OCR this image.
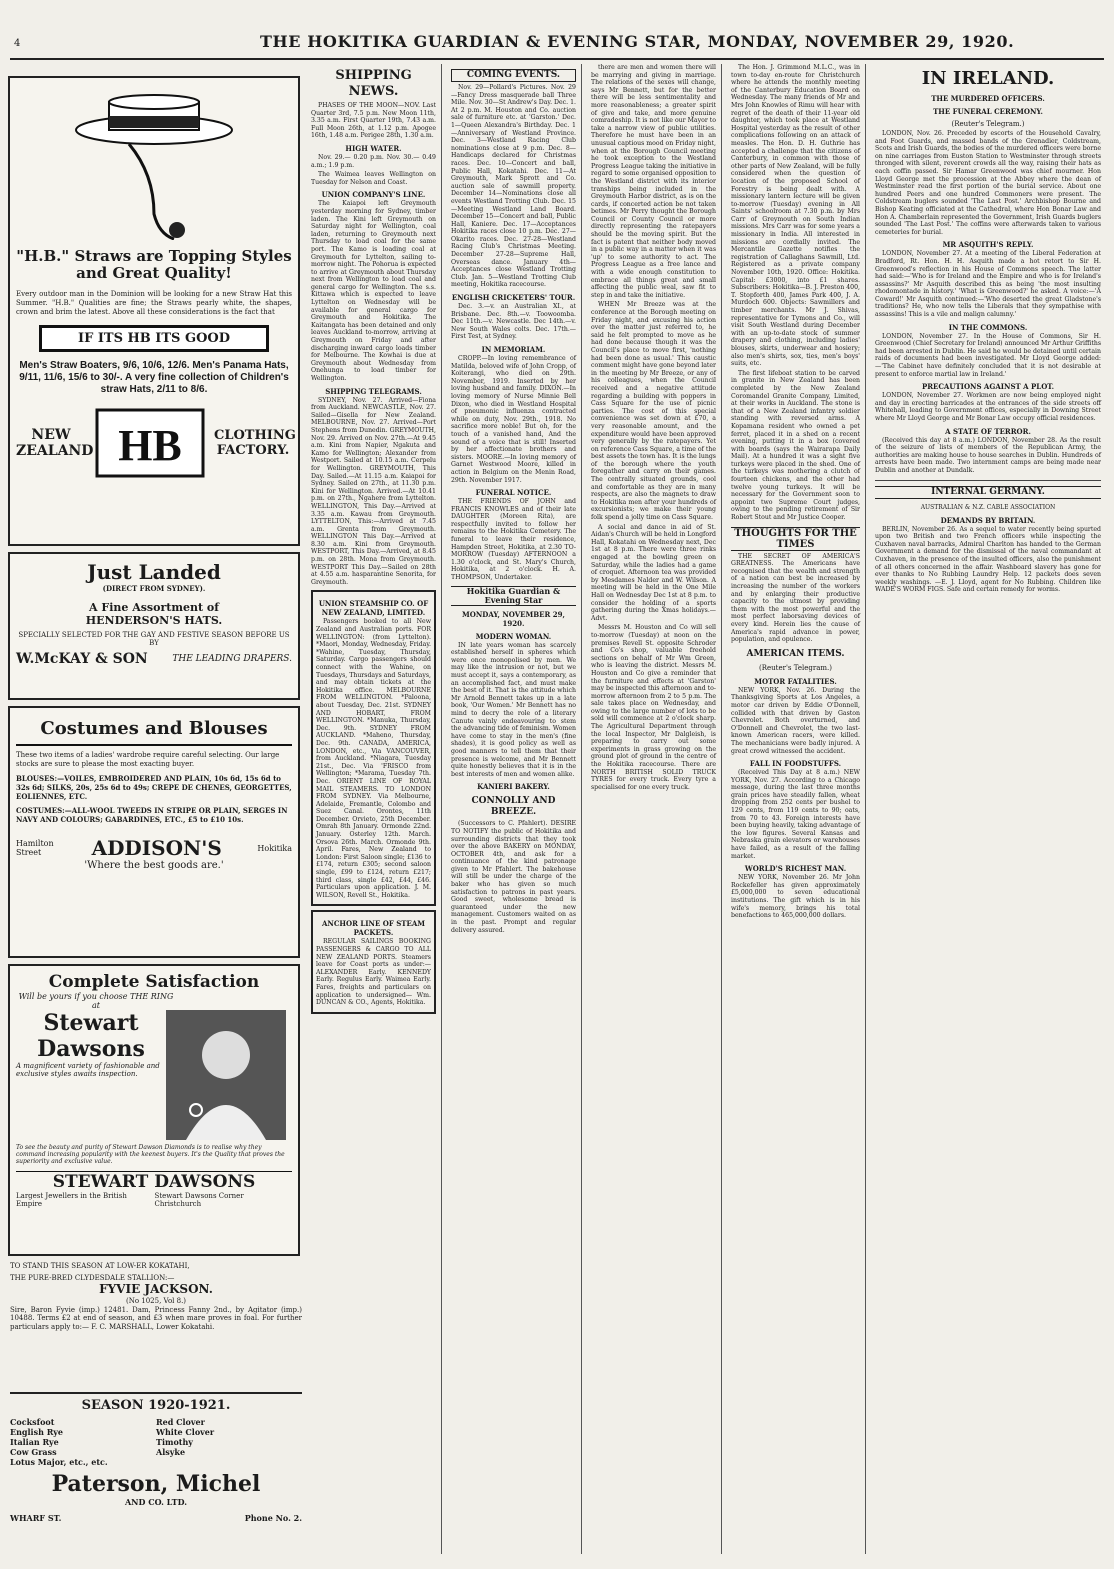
4	THE HOKITIKA GUARDIAN & EVENING STAR, MONDAY, NOVEMBER 29, 1920.
"H.B." Straws are Topping Styles and Great Quality!
Every outdoor man in the Dominion will be looking for a new Straw Hat this Summer. "H.B." Qualities are fine; the Straws pearly white, the shapes, crown and brim the latest. Above all these considerations is the fact that
IF ITS HB ITS GOOD
Men's Straw Boaters, 9/6, 10/6, 12/6. Men's Panama Hats, 9/11, 11/6, 15/6 to 30/-. A very fine collection of Children's straw Hats, 2/11 to 8/6.
NEW ZEALAND HB CLOTHING FACTORY.
Just Landed
(DIRECT FROM SYDNEY).
A Fine Assortment of
HENDERSON'S HATS.
SPECIALLY SELECTED FOR THE GAY AND FESTIVE SEASON BEFORE US BY
W.McKAY & SON	THE LEADING DRAPERS.
Costumes and Blouses
These two items of a ladies' wardrobe require careful selecting. Our large stocks are sure to please the most exacting buyer.
BLOUSES:—VOILES, EMBROIDERED AND PLAIN, 10s 6d, 15s 6d to 32s 6d; SILKS, 20s, 25s 6d to 49s; CREPE DE CHENES, GEORGETTES, EOLIENNES, ETC.
COSTUMES:—ALL-WOOL TWEEDS IN STRIPE OR PLAIN, SERGES IN NAVY AND COLOURS; GABARDINES, ETC., £5 to £10 10s.
Hamilton Street	ADDISON'S	Hokitika
'Where the best goods are.'
Complete Satisfaction
Will be yours if you choose THE RING at
Stewart
Dawsons
A magnificent variety of fashionable and exclusive styles awaits inspection.
To see the beauty and purity of Stewart Dawson Diamonds is to realise why they command increasing popularity with the keenest buyers. It's the Quality that proves the superiority and exclusive value.
STEWART DAWSONS
Largest Jewellers in the British Empire
Stewart Dawsons Corner Christchurch
TO STAND THIS SEASON AT LOW-ER KOKATAHI,
THE PURE-BRED CLYDESDALE STALLION:—
FYVIE JACKSON.
(No 1025, Vol 8.)
Sire, Baron Fyvie (imp.) 12481. Dam, Princess Fanny 2nd., by Agitator (imp.) 10488. Terms £2 at end of season, and £3 when mare proves in foal. For further particulars apply to:— F. C. MARSHALL, Lower Kokatahi.
SEASON 1920-1921.
Cocksfoot	Red Clover
English Rye	White Clover
Italian Rye	Timothy
Cow Grass	Alsyke
Lotus Major, etc., etc.
Paterson, Michel
AND CO. LTD.
WHARF ST.	Phone No. 2.
SHIPPING NEWS.

PHASES OF THE MOON—NOV. Last Quarter 3rd, 7.5 p.m. New Moon 11th, 3.35 a.m. First Quarter 19th, 7.43 a.m. Full Moon 26th, at 1.12 p.m. Apogee 16th, 1.48 a.m. Perigee 28th, 1.30 a.m.

HIGH WATER.

Nov. 29.— 0.20 p.m. Nov. 30.— 0.49 a.m.; 1.9 p.m.

The Waimea leaves Wellington on Tuesday for Nelson and Coast.

UNION COMPANY'S LINE.

The Kaiapoi left Greymouth yesterday morning for Sydney, timber laden. The Kini left Greymouth on Saturday night for Wellington, coal laden, returning to Greymouth next Thursday to load coal for the same port. The Kamo is loading coal at Greymouth for Lyttelton, sailing to-morrow night. The Pohorua is expected to arrive at Greymouth about Thursday next from Wellington to load coal and general cargo for Wellington. The s.s. Kittawa which is expected to leave Lyttelton on Wednesday will be available for general cargo for Greymouth and Hokitika. The Kaitangata has been detained and only leaves Auckland to-morrow, arriving at Greymouth on Friday and after discharging inward cargo loads timber for Melbourne. The Kowhai is due at Greymouth about Wednesday from Onehunga to load timber for Wellington.

SHIPPING TELEGRAMS.

SYDNEY, Nov. 27. Arrived—Fiona from Auckland. NEWCASTLE, Nov. 27. Sailed—Gisella for New Zealand. MELBOURNE, Nov. 27. Arrived—Port Stephens from Dunedin. GREYMOUTH, Nov. 29. Arrived on Nov. 27th.—At 9.45 a.m. Kini from Napier, Ngakuta and Kamo for Wellington; Alexander from Westport. Sailed at 10.15 a.m. Cerpelu for Wellington. GREYMOUTH, This Day. Sailed.—At 11.15 a.m. Kaiapoi for Sydney. Sailed on 27th., at 11.30 p.m. Kini for Wellington. Arrived.—At 10.41 p.m. on 27th., Ngahere from Lyttelton. WELLINGTON, This Day.—Arrived at 3.35 a.m. Kawau from Greymouth. LYTTELTON, This:—Arrived at 7.45 a.m. Grenta from Greymouth. WELLINGTON This Day.—Arrived at 8.30 a.m. Kini from Greymouth. WESTPORT, This Day.—Arrived, at 8.45 p.m. on 28th. Mona from Greymouth. WESTPORT This Day.—Sailed on 28th at 4.55 a.m. hasparantine Senorita, for Greymouth.

UNION STEAMSHIP CO. OF NEW ZEALAND, LIMITED.

Passengers booked to all New Zealand and Australian ports. FOR WELLINGTON: (from Lyttelton). *Maori, Monday, Wednesday, Friday. *Wahine, Tuesday, Thursday, Saturday. Cargo passengers should connect with the Wahine, on Tuesdays, Thursdays and Saturdays, and may obtain tickets at the Hokitika office. MELBOURNE FROM WELLINGTON. *Paloona, about Tuesday, Dec. 21st. SYDNEY AND HOBART, FROM WELLINGTON. *Manuka, Thursday, Dec. 9th. SYDNEY FROM AUCKLAND. *Maheno, Thursday, Dec. 9th. CANADA, AMERICA, LONDON, etc., Via VANCOUVER, from Auckland. *Niagara, Tuesday 21st., Dec. Via 'FRISCO from Wellington; *Marama, Tuesday 7th. Dec. ORIENT LINE OF ROYAL MAIL STEAMERS. TO LONDON FROM SYDNEY. Via Melbourne, Adelaide, Fremantle, Colombo and Suez Canal. Orontes, 11th December. Orvieto, 25th December. Omrah 8th January. Ormonde 22nd. January. Osterley 12th. March. Orsova 26th. March. Ormonde 9th. April. Fares, New Zealand to London: First Saloon single; £136 to £174, return £305; second saloon single, £99 to £124, return £217; third class, single £42, £44, £46. Particulars upon application. J. M. WILSON, Revell St., Hokitika.

ANCHOR LINE OF STEAM PACKETS.

REGULAR SAILINGS BOOKING PASSENGERS & CARGO TO ALL NEW ZEALAND PORTS. Steamers leave for Coast ports as under:— ALEXANDER Early. KENNEDY Early. Regulus Early. Waimea Early. Fares, freights and particulars on application to undersigned— Wm. DUNCAN & CO., Agents, Hokitika.

COMING EVENTS.

Nov. 29—Pollard's Pictures. Nov. 29—Fancy Dress masquerade ball Three Mile. Nov. 30—St Andrew's Day. Dec. 1. At 2 p.m. M. Houston and Co. auction sale of furniture etc. at 'Garston.' Dec. 1—Queen Alexandra's Birthday. Dec. 1—Anniversary of Westland Province. Dec. 3—Westland Racing Club nominations close at 9 p.m. Dec. 8—Handicaps declared for Christmas races. Dec. 10—Concert and ball, Public Hall, Kokatahi. Dec. 11—At Greymouth, Mark Sprott and Co. auction sale of sawmill property. December 14—Nominations close all events Westland Trotting Club. Dec. 15—Meeting Westland Land Board. December 15—Concert and ball, Public Hall, Kaniere. Dec. 17—Acceptances Hokitika races close 10 p.m. Dec. 27—Okarito races. Dec. 27-28—Westland Racing Club's Christmas Meeting. December 27-28—Supreme Hall, Overseas dance. January 4th—Acceptances close Westland Trotting Club. Jan. 5—Westland Trotting Club meeting, Hokitika racecourse.

ENGLISH CRICKETERS' TOUR.

Dec. 3.—v. an Australian XI., at Brisbane. Dec. 8th.—v. Toowoomba. Dec 11th.—v. Newcastle. Dec 14th.—v. New South Wales colts. Dec. 17th.—First Test, at Sydney.

IN MEMORIAM.

CROPP.—In loving remembrance of Matilda, beloved wife of John Cropp, of Koiterangi, who died on 29th. November, 1919. Inserted by her loving husband and family. DIXON.—In loving memory of Nurse Minnie Bell Dixon, who died in Westland Hospital of pneumonic influenza contracted while on duty, Nov. 29th., 1918. No sacrifice more noble! But oh, for the touch of a vanished hand, And the sound of a voice that is still! Inserted by her affectionate brothers and sisters. MOORE.—In loving memory of Garnet Westwood Moore, killed in action in Belgium on the Menin Road, 29th. November 1917.

FUNERAL NOTICE.

THE FRIENDS OF JOHN and FRANCIS KNOWLES and of their late DAUGHTER (Moreen Rita), are respectfully invited to follow her remains to the Hokitika Cemetery. The funeral to leave their residence, Hampden Street, Hokitika, at 2.30 TO-MORROW (Tuesday) AFTERNOON a 1.30 o'clock, and St. Mary's Church, Hokitika, at 2 o'clock. H. A. THOMPSON, Undertaker.

Hokitika Guardian & Evening Star
MONDAY, NOVEMBER 29, 1920.
MODERN WOMAN.

IN late years woman has scarcely established herself in spheres which were once monopolised by men. We may like the intrusion or not, but we must accept it, says a contemporary, as an accomplished fact, and must make the best of it. That is the attitude which Mr Arnold Bennett takes up in a late book, 'Our Women.' Mr Bennett has no mind to decry the role of a literary Canute vainly endeavouring to stem the advancing tide of feminism. Women have come to stay in the men's (fine shades), it is good policy as well as good manners to tell them that their presence is welcome, and Mr Bennett quite honestly believes that it is in the best interests of men and women alike.

KANIERI BAKERY.
CONNOLLY AND BREEZE.

(Successors to C. Pfahlert). DESIRE TO NOTIFY the public of Hokitika and surrounding districts that they took over the above BAKERY on MONDAY, OCTOBER 4th, and ask for a continuance of the kind patronage given to Mr Pfahlert. The bakehouse will still be under the charge of the baker who has given so much satisfaction to patrons in past years. Good sweet, wholesome bread is guaranteed under the new management. Customers waited on as in the past. Prompt and regular delivery assured.

there are men and women there will be marrying and giving in marriage. The relations of the sexes will change, says Mr Bennett, but for the better there will be less sentimentality and more reasonableness; a greater spirit of give and take, and more genuine comradeship. It is not like our Mayor to take a narrow view of public utilities. Therefore he must have been in an unusual captious mood on Friday night, when at the Borough Council meeting he took exception to the Westland Progress League taking the initiative in regard to some organised opposition to the Westland district with its interior tranships being included in the Greymouth Harbor district, as is on the cards, if concerted action be not taken betimes. Mr Perry thought the Borough Council or County Council or more directly representing the ratepayers should be the moving spirit. But the fact is patent that neither body moved in a public way in a matter when it was 'up' to some authority to act. The Progress League as a free lance and with a wide enough constitution to embrace all things great and small affecting the public weal, saw fit to step in and take the initiative.

WHEN Mr Breeze was at the conference at the Borough meeting on Friday night, and excusing his action over the matter just referred to, he said he felt prompted to move as he had done because though it was the Council's place to move first, 'nothing had been done as usual.' This caustic comment might have gone beyond later in the meeting by Mr Breeze, or any of his colleagues, when the Council received and a negative attitude regarding a building with poppers in Cass Square for the use of picnic parties. The cost of this special convenience was set down at £70, a very reasonable amount, and the expenditure would have been approved very generally by the ratepayers. Yet on reference Cass Square, a time of the best assets the town has. It is the lungs of the borough where the youth foregather and carry on their games. The centrally situated grounds, cool and comfortable as they are in many respects, are also the magnets to draw to Hokitika men after your hundreds of excursionists; we make their young folk spend a jolly time on Cass Square.

A social and dance in aid of St. Aidan's Church will be held in Longford Hall, Kokatahi on Wednesday next, Dec 1st at 8 p.m. There were three rinks engaged at the bowling green on Saturday, while the ladies had a game of croquet. Afternoon tea was provided by Mesdames Nalder and W. Wilson. A meeting will be held in the One Mile Hall on Wednesday Dec 1st at 8 p.m. to consider the holding of a sports gathering during the Xmas holidays.— Advt.

Messrs M. Houston and Co will sell to-morrow (Tuesday) at noon on the premises Revell St. opposite Schroder and Co's shop, valuable freehold sections on behalf of Mr Wm Green, who is leaving the district. Messrs M. Houston and Co give a reminder that the furniture and effects at 'Garston' may be inspected this afternoon and to-morrow afternoon from 2 to 5 p.m. The sale takes place on Wednesday, and owing to the large number of lots to be sold will commence at 2 o'clock sharp. The Agricultural Department through the local Inspector, Mr Dalgleish, is preparing to carry out some experiments in grass growing on the ground plot of ground in the centre of the Hokitika racecourse. There are NORTH BRITISH SOLID TRUCK TYRES for every truck. Every tyre a specialised for one every truck.

The Hon. J. Grimmond M.L.C., was in town to-day en-route for Christchurch where he attends the monthly meeting of the Canterbury Education Board on Wednesday. The many friends of Mr and Mrs John Knowles of Rimu will hear with regret of the death of their 11-year old daughter, which took place at Westland Hospital yesterday as the result of other complications following on an attack of measles. The Hon. D. H. Guthrie has accepted a challenge that the citizens of Canterbury, in common with those of other parts of New Zealand, will be fully considered when the question of location of the proposed School of Forestry is being dealt with. A missionary lantern lecture will be given to-morrow (Tuesday) evening in All Saints' schoolroom at 7.30 p.m. by Mrs Carr of Greymouth on South Indian missions. Mrs Carr was for some years a missionary in India. All interested in missions are cordially invited. The Mercantile Gazette notifies the registration of Callaghans Sawmill, Ltd. Registered as a private company November 10th, 1920. Office: Hokitika. Capital: £3000, into £1 shares. Subscribers: Hokitika—B. J. Preston 400, T. Stopforth 400, James Park 400, J. A. Murdoch 600. Objects: Sawmillers and timber merchants. Mr J. Shivas, representative for Tymons and Co., will visit South Westland during December with an up-to-date stock of summer drapery and clothing, including ladies' blouses, skirts, underwear and hosiery; also men's shirts, sox, ties, men's boys' suits, etc.

The first lifeboat station to be carved in granite in New Zealand has been completed by the New Zealand Coromandel Granite Company, Limited, at their works in Auckland. The stone is that of a New Zealand infantry soldier standing with reversed arms. A Kopamana resident who owned a pet ferret, placed it in a shed on a recent evening, putting it in a box (covered with boards (says the Wairarapa Daily Mail). At a hundred it was a sight five turkeys were placed in the shed. One of the turkeys was mothering a clutch of fourteen chickens, and the other had twelve young turkeys. It will be necessary for the Government soon to appoint two Supreme Court judges, owing to the pending retirement of Sir Robert Stout and Mr Justice Cooper.

THOUGHTS FOR THE TIMES

THE SECRET OF AMERICA'S GREATNESS. The Americans have recognised that the wealth and strength of a nation can best be increased by increasing the number of the workers and by enlarging their productive capacity to the utmost by providing them with the most powerful and the most perfect laborsaving devices of every kind. Herein lies the cause of America's rapid advance in power, population, and opulence.

AMERICAN ITEMS.
(Reuter's Telegram.)
MOTOR FATALITIES.

NEW YORK, Nov. 26. During the Thanksgiving Sports at Los Angeles, a motor car driven by Eddie O'Donnell, collided with that driven by Gaston Chevrolet. Both overturned, and O'Donnell and Chevrolet, the two last-known American racers, were killed. The mechanicians were badly injured. A great crowd witnessed the accident.

FALL IN FOODSTUFFS.

(Received This Day at 8 a.m.) NEW YORK, Nov. 27. According to a Chicago message, during the last three months grain prices have steadily fallen, wheat dropping from 252 cents per bushel to 129 cents, from 119 cents to 90; oats, from 70 to 43. Foreign interests have been buying heavily, taking advantage of the low figures. Several Kansas and Nebraska grain elevators or warehouses have failed, as a result of the falling market.

WORLD'S RICHEST MAN.

NEW YORK, November 26. Mr John Rockefeller has given approximately £5,000,000 to seven educational institutions. The gift which is in his wife's memory, brings his total benefactions to 465,000,000 dollars.

IN IRELAND.
THE MURDERED OFFICERS.
THE FUNERAL CEREMONY.
(Reuter's Telegram.)

LONDON, Nov. 26. Preceded by escorts of the Household Cavalry, and Foot Guards, and massed bands of the Grenadier, Coldstream, Scots and Irish Guards, the bodies of the murdered officers were borne on nine carriages from Euston Station to Westminster through streets thronged with silent, reverent crowds all the way, raising their hats as each coffin passed. Sir Hamar Greenwood was chief mourner. Hon Lloyd George met the procession at the Abbey where the dean of Westminster read the first portion of the burial service. About one hundred Peers and one hundred Commoners were present. The Coldstream buglers sounded 'The Last Post.' Archbishop Bourne and Bishop Keating officiated at the Cathedral, where Hon Bonar Law and Hon A. Chamberlain represented the Government, Irish Guards buglers sounded 'The Last Post.' The coffins were afterwards taken to various cemeteries for burial.

MR ASQUITH'S REPLY.

LONDON, November 27. At a meeting of the Liberal Federation at Bradford, Rt. Hon. H. H. Asquith made a hot retort to Sir H. Greenwood's reflection in his House of Commons speech. The latter had said:—'Who is for Ireland and the Empire and who is for Ireland's assassins?' Mr Asquith described this as being 'the most insulting rhodomontade in history.' 'What is Greenwood?' he asked. A voice:—'A Coward!' Mr Asquith continued:—'Who deserted the great Gladstone's traditions? He, who now tells the Liberals that they sympathise with assassins! This is a vile and malign calumny.'

IN THE COMMONS.

LONDON, November 27. In the House of Commons, Sir H. Greenwood (Chief Secretary for Ireland) announced Mr Arthur Griffiths had been arrested in Dublin. He said he would be detained until certain raids of documents had been investigated. Mr Lloyd George added:—'The Cabinet have definitely concluded that it is not desirable at present to enforce martial law in Ireland.'

PRECAUTIONS AGAINST A PLOT.

LONDON, November 27. Workmen are now being employed night and day in erecting barricades at the entrances of the side streets off Whitehall, leading to Government offices, especially in Downing Street where Mr Lloyd George and Mr Bonar Law occupy official residences.

A STATE OF TERROR.

(Received this day at 8 a.m.) LONDON, November 28. As the result of the seizure of lists of members of the Republican Army, the authorities are making house to house searches in Dublin. Hundreds of arrests have been made. Two internment camps are being made near Dublin and another at Dundalk.

INTERNAL GERMANY.
AUSTRALIAN & N.Z. CABLE ASSOCIATION
DEMANDS BY BRITAIN.

BERLIN, November 26. As a sequel to water recently being spurted upon two British and two French officers while inspecting the Cuxhaven naval barracks, Admiral Charlton has handed to the German Government a demand for the dismissal of the naval commandant at Cuxhaven, in the presence of the insulted officers, also the punishment of all others concerned in the affair. Washboard slavery has gone for ever thanks to No Rubbing Laundry Help. 12 packets does seven weekly washings. —E. J. Lloyd, agent for No Rubbing. Children like WADE'S WORM FIGS. Safe and certain remedy for worms.
